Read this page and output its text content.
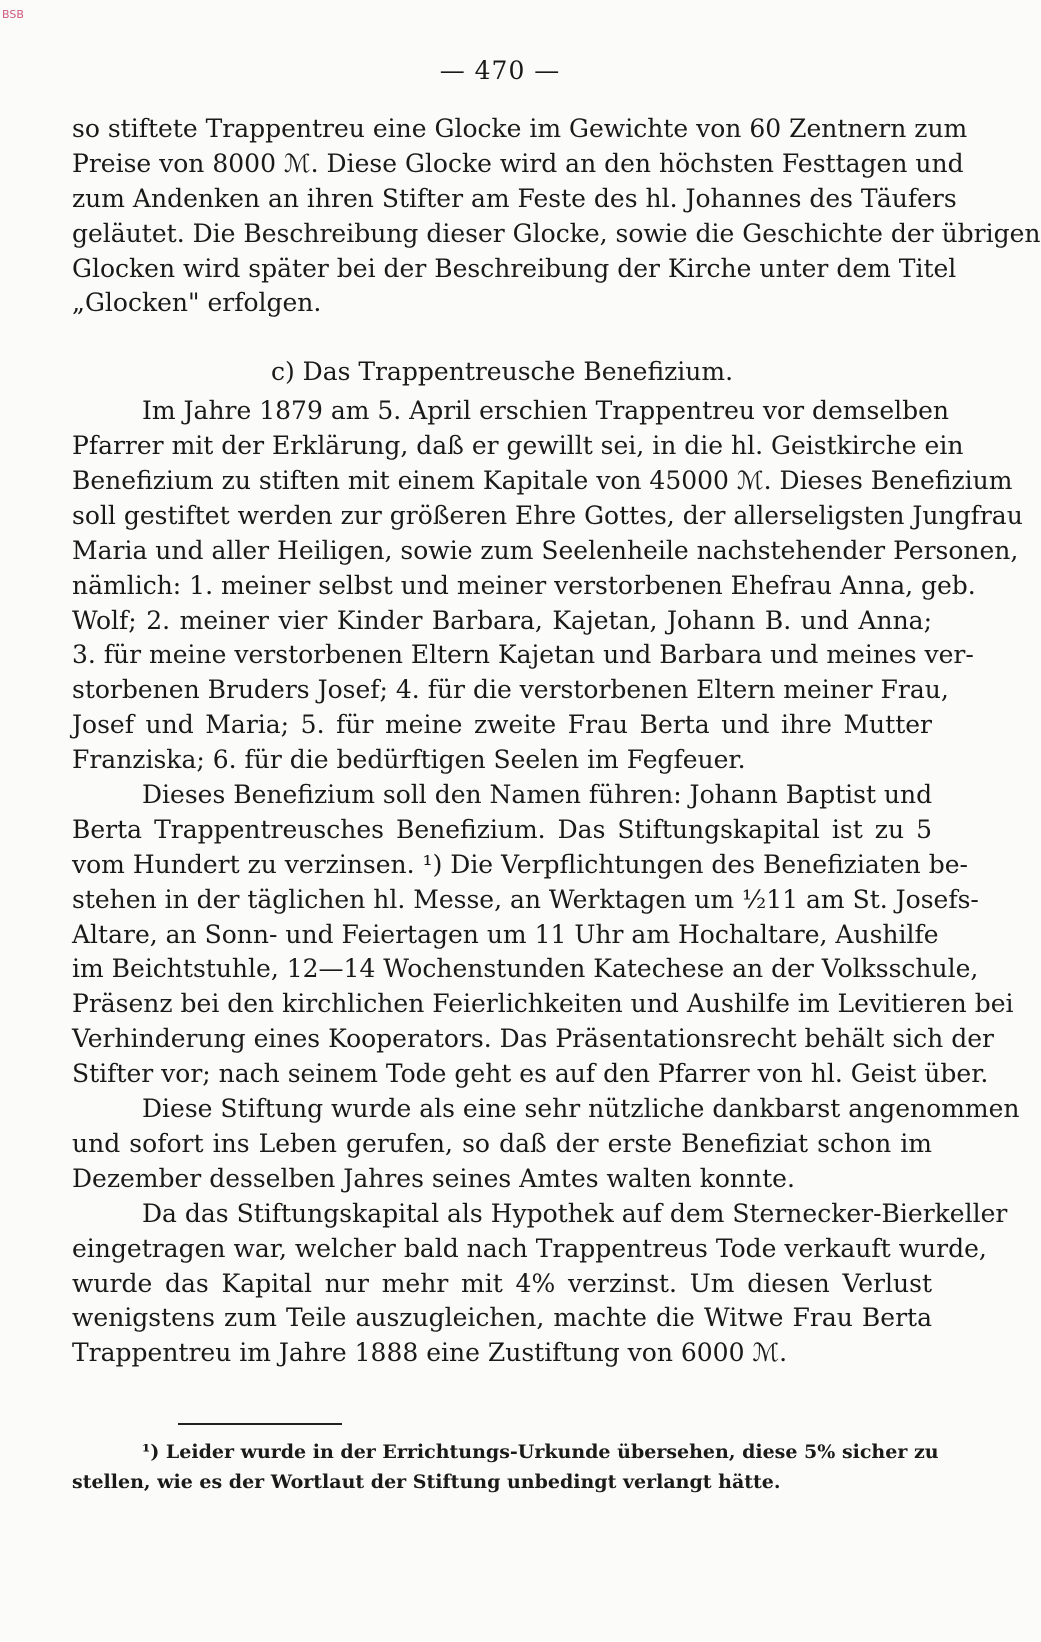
BSB
— 470 —
so stiftete Trappentreu eine Glocke im Gewichte von 60 Zentnern zum
Preise von 8000 ℳ. Diese Glocke wird an den höchsten Festtagen und
zum Andenken an ihren Stifter am Feste des hl. Johannes des Täufers
geläutet. Die Beschreibung dieser Glocke, sowie die Geschichte der übrigen
Glocken wird später bei der Beschreibung der Kirche unter dem Titel
„Glocken" erfolgen.
c) Das Trappentreusche Benefizium.
Im Jahre 1879 am 5. April erschien Trappentreu vor demselben
Pfarrer mit der Erklärung, daß er gewillt sei, in die hl. Geistkirche ein
Benefizium zu stiften mit einem Kapitale von 45000 ℳ. Dieses Benefizium
soll gestiftet werden zur größeren Ehre Gottes, der allerseligsten Jungfrau
Maria und aller Heiligen, sowie zum Seelenheile nachstehender Personen,
nämlich: 1. meiner selbst und meiner verstorbenen Ehefrau Anna, geb.
Wolf; 2. meiner vier Kinder Barbara, Kajetan, Johann B. und Anna;
3. für meine verstorbenen Eltern Kajetan und Barbara und meines ver-
storbenen Bruders Josef; 4. für die verstorbenen Eltern meiner Frau,
Josef und Maria; 5. für meine zweite Frau Berta und ihre Mutter
Franziska; 6. für die bedürftigen Seelen im Fegfeuer.
Dieses Benefizium soll den Namen führen: Johann Baptist und
Berta Trappentreusches Benefizium. Das Stiftungskapital ist zu 5
vom Hundert zu verzinsen. ¹) Die Verpflichtungen des Benefiziaten be-
stehen in der täglichen hl. Messe, an Werktagen um ½11 am St. Josefs-
Altare, an Sonn- und Feiertagen um 11 Uhr am Hochaltare, Aushilfe
im Beichtstuhle, 12—14 Wochenstunden Katechese an der Volksschule,
Präsenz bei den kirchlichen Feierlichkeiten und Aushilfe im Levitieren bei
Verhinderung eines Kooperators. Das Präsentationsrecht behält sich der
Stifter vor; nach seinem Tode geht es auf den Pfarrer von hl. Geist über.
Diese Stiftung wurde als eine sehr nützliche dankbarst angenommen
und sofort ins Leben gerufen, so daß der erste Benefiziat schon im
Dezember desselben Jahres seines Amtes walten konnte.
Da das Stiftungskapital als Hypothek auf dem Sternecker-Bierkeller
eingetragen war, welcher bald nach Trappentreus Tode verkauft wurde,
wurde das Kapital nur mehr mit 4% verzinst. Um diesen Verlust
wenigstens zum Teile auszugleichen, machte die Witwe Frau Berta
Trappentreu im Jahre 1888 eine Zustiftung von 6000 ℳ.
¹) Leider wurde in der Errichtungs-Urkunde übersehen, diese 5% sicher zu
stellen, wie es der Wortlaut der Stiftung unbedingt verlangt hätte.
